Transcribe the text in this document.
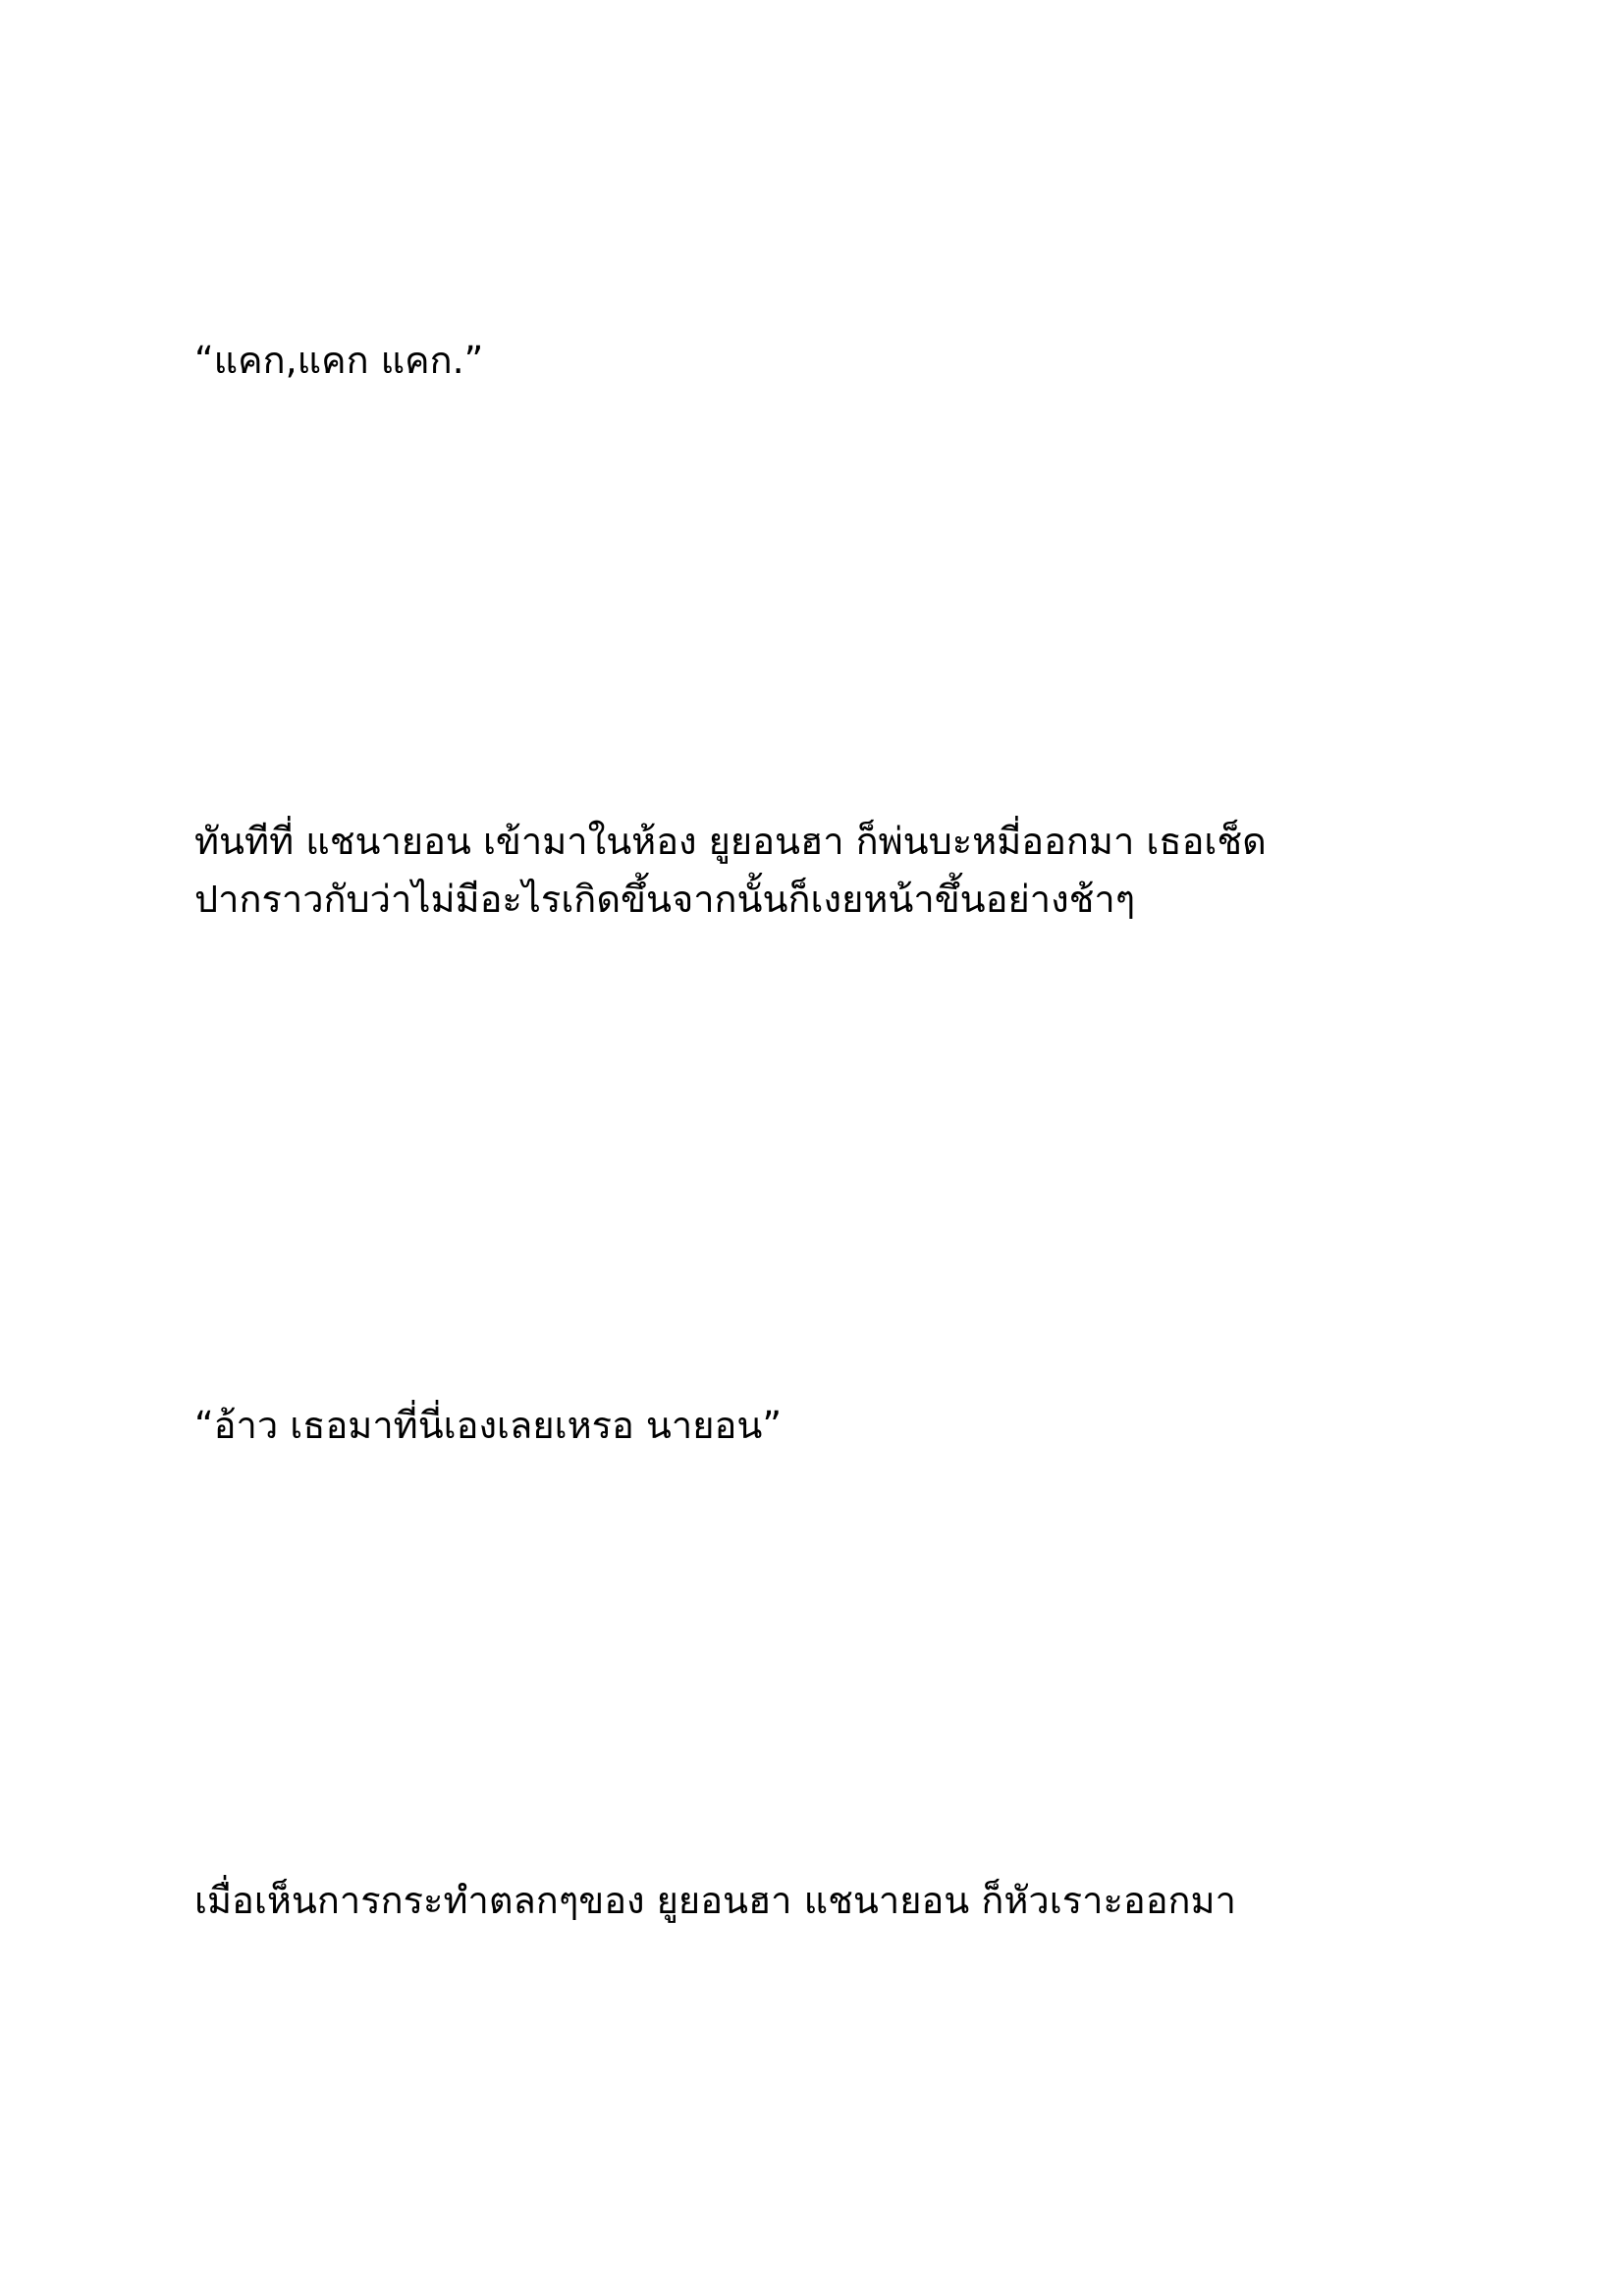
“แคก,แคก แคก.”

ทันทีที่ แชนายอน เข้ามาในห้อง ยูยอนฮา ก็พ่นบะหมี่ออกมา เธอเช็ด
ปากราวกับว่าไม่มีอะไรเกิดขึ้นจากนั้นก็เงยหน้าขึ้นอย่างช้าๆ

“อ้าว เธอมาที่นี่เองเลยเหรอ นายอน”

เมื่อเห็นการกระทำตลกๆของ ยูยอนฮา แชนายอน ก็หัวเราะออกมา
